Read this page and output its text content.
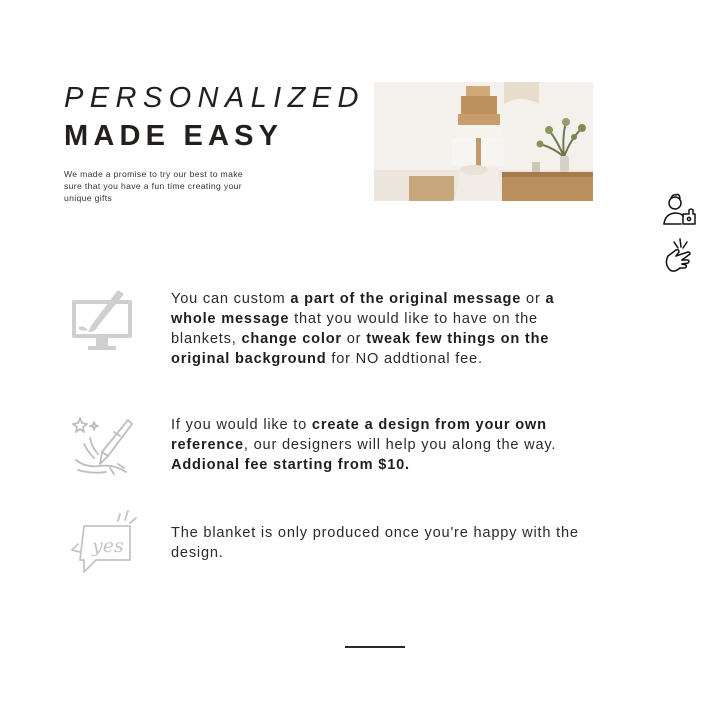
PERSONALIZED
MADE EASY
We made a promise to try our best to make sure that you have a fun time creating your unique gifts
You can custom a part of the original message or a whole message that you would like to have on the blankets, change color or tweak few things on the original background for NO addtional fee.
If you would like to create a design from your own reference, our designers will help you along the way. Addional fee starting from $10.
yes
The blanket is only produced once you're happy with the design.
